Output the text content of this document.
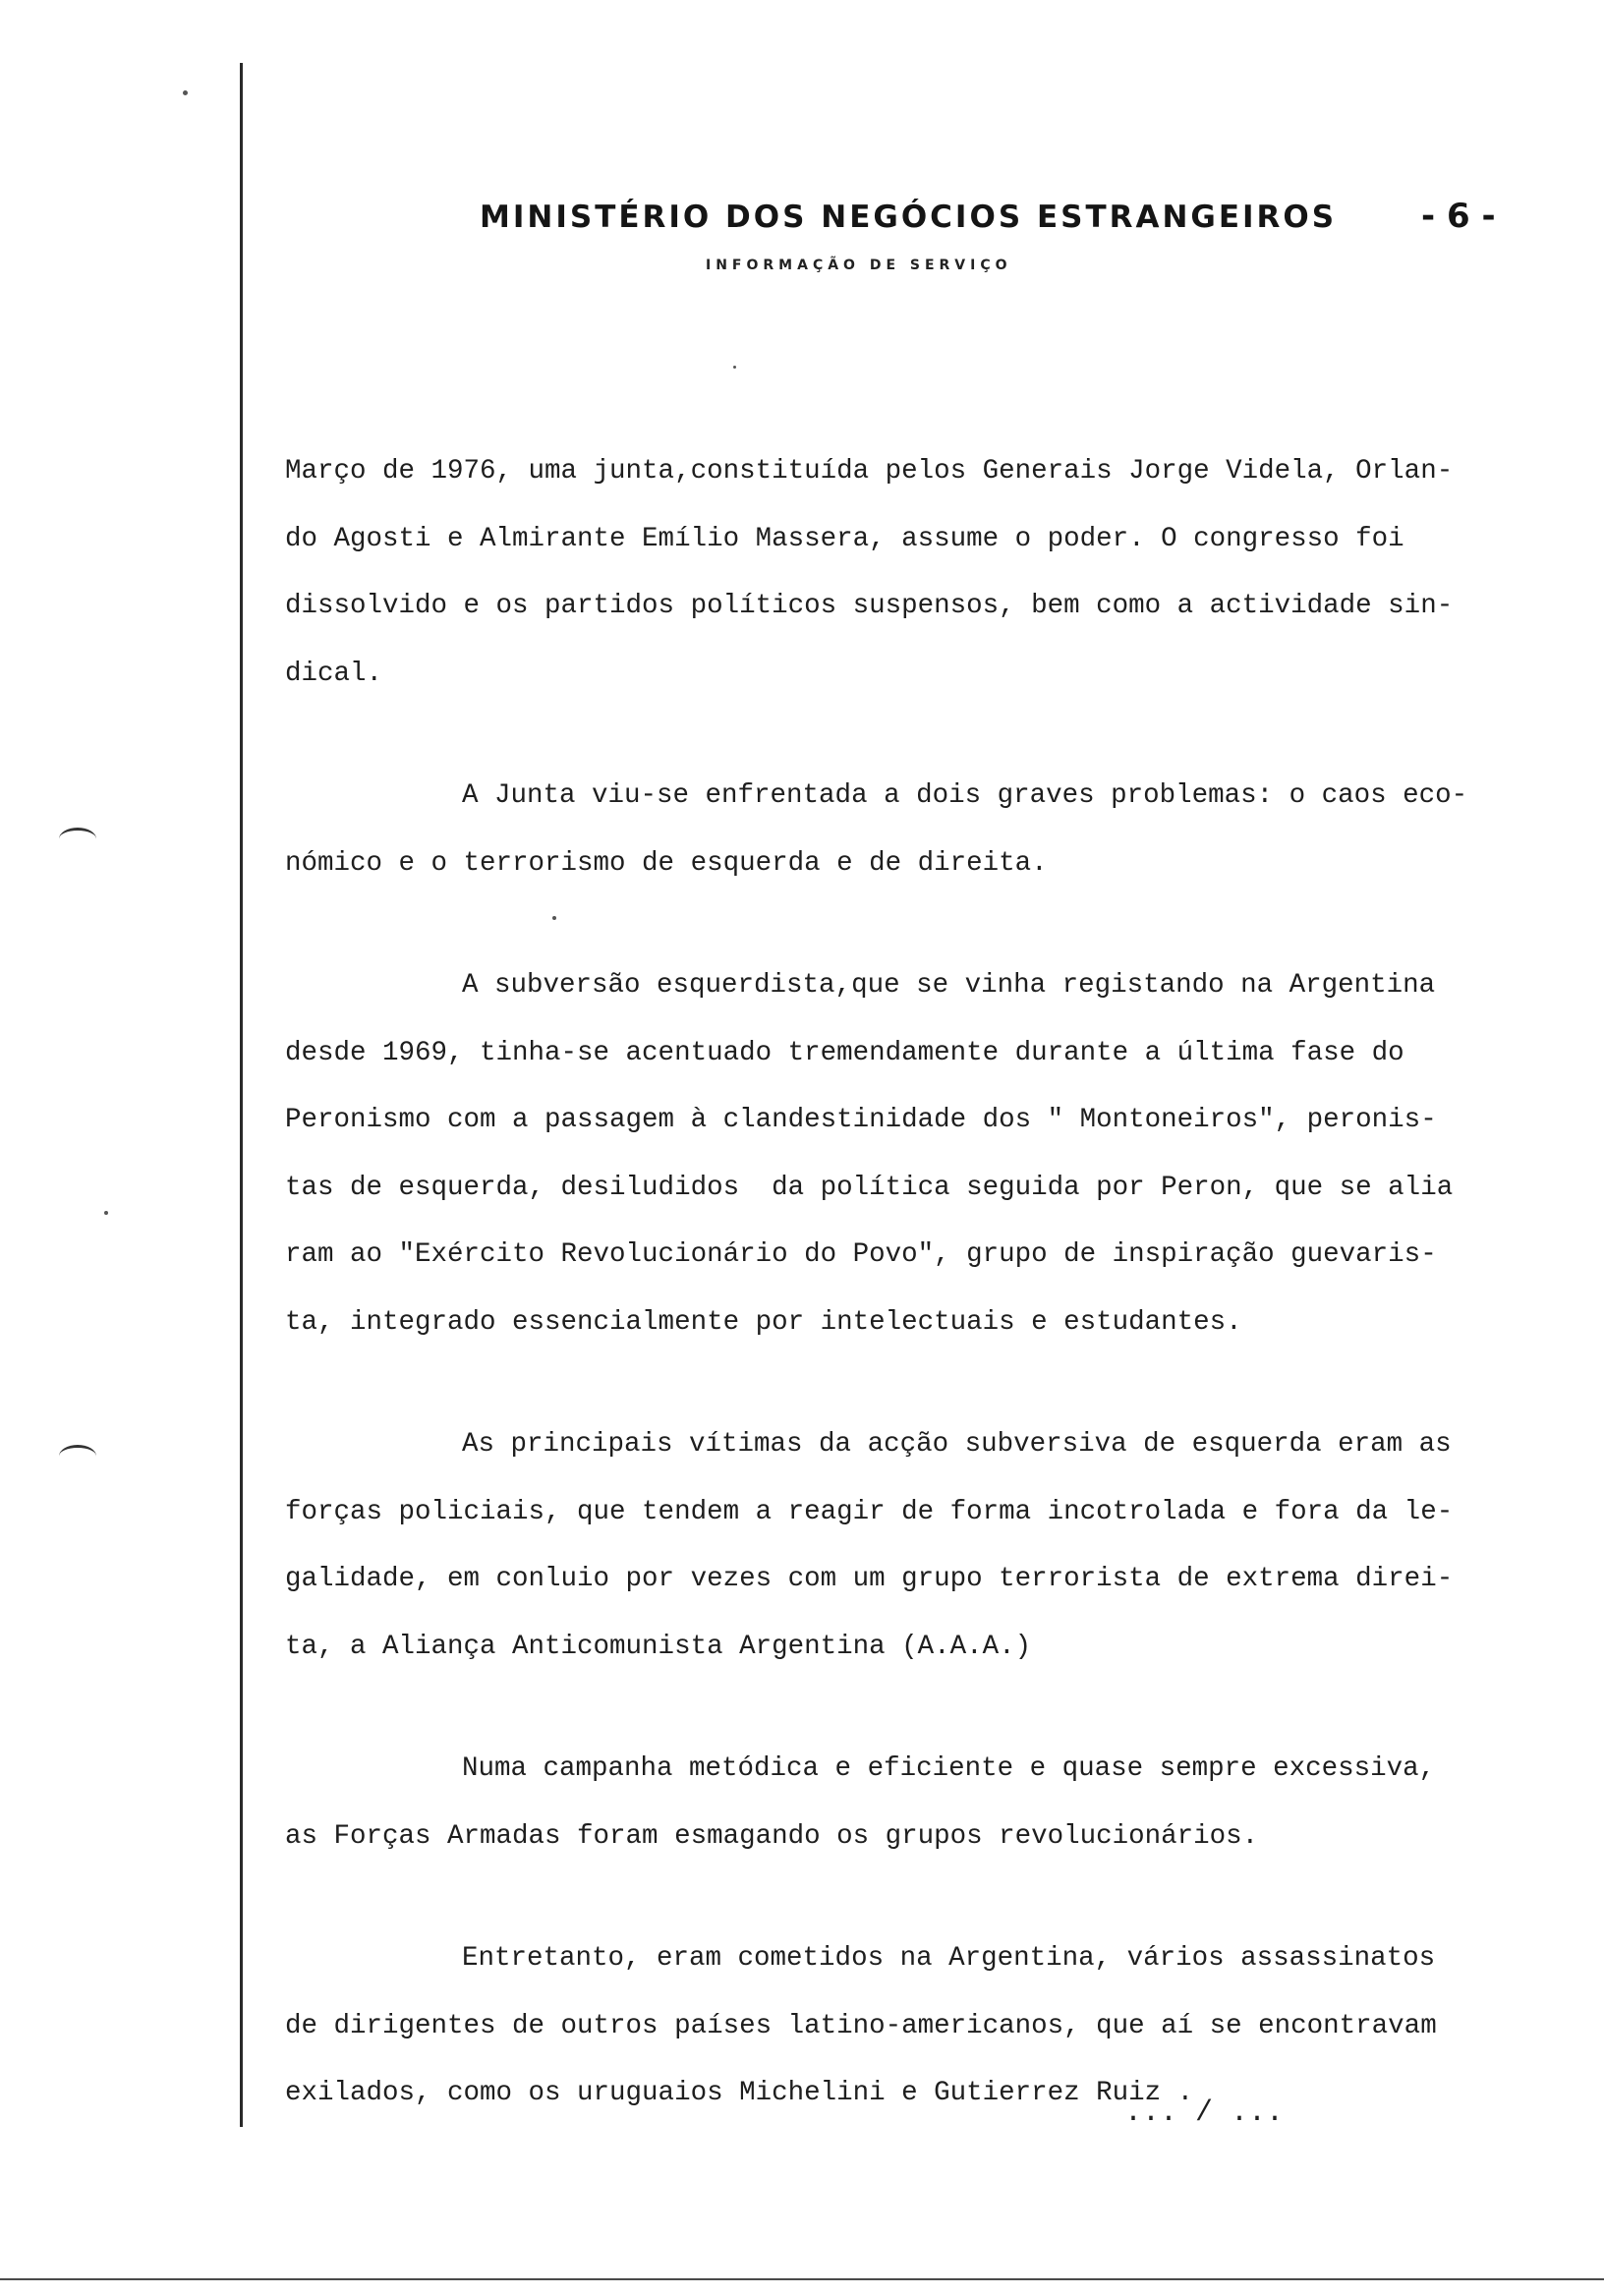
MINISTÉRIO DOS NEGÓCIOS ESTRANGEIROS	- 6 -
INFORMAÇÃO DE SERVIÇO
Março de 1976, uma junta,constituída pelos Generais Jorge Videla, Orlan-
do Agosti e Almirante Emílio Massera, assume o poder. O congresso foi
dissolvido e os partidos políticos suspensos, bem como a actividade sin-
dical.
A Junta viu-se enfrentada a dois graves problemas: o caos eco-
nómico e o terrorismo de esquerda e de direita.
A subversão esquerdista,que se vinha registando na Argentina
desde 1969, tinha-se acentuado tremendamente durante a última fase do
Peronismo com a passagem à clandestinidade dos " Montoneiros", peronis-
tas de esquerda, desiludidos  da política seguida por Peron, que se alia
ram ao "Exército Revolucionário do Povo", grupo de inspiração guevaris-
ta, integrado essencialmente por intelectuais e estudantes.
As principais vítimas da acção subversiva de esquerda eram as
forças policiais, que tendem a reagir de forma incotrolada e fora da le-
galidade, em conluio por vezes com um grupo terrorista de extrema direi-
ta, a Aliança Anticomunista Argentina (A.A.A.)
Numa campanha metódica e eficiente e quase sempre excessiva,
as Forças Armadas foram esmagando os grupos revolucionários.
Entretanto, eram cometidos na Argentina, vários assassinatos
de dirigentes de outros países latino-americanos, que aí se encontravam
exilados, como os uruguaios Michelini e Gutierrez Ruiz .
... / ...
